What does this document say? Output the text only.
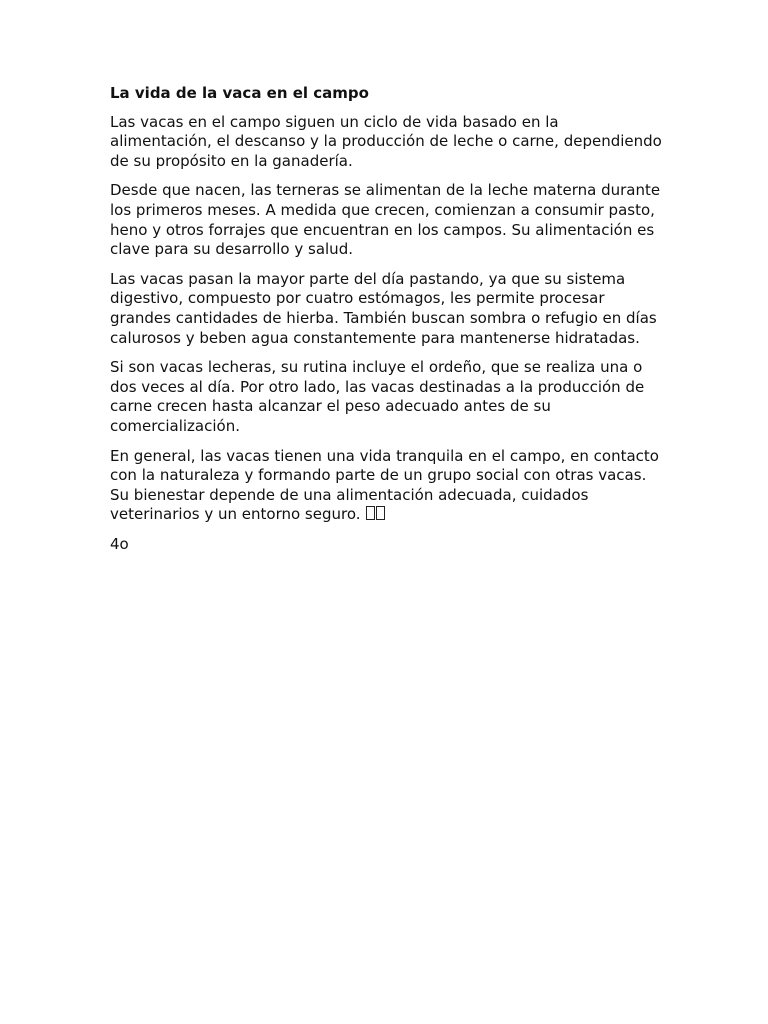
La vida de la vaca en el campo

Las vacas en el campo siguen un ciclo de vida basado en la alimentación, el descanso y la producción de leche o carne, dependiendo de su propósito en la ganadería.

Desde que nacen, las terneras se alimentan de la leche materna durante los primeros meses. A medida que crecen, comienzan a consumir pasto, heno y otros forrajes que encuentran en los campos. Su alimentación es clave para su desarrollo y salud.

Las vacas pasan la mayor parte del día pastando, ya que su sistema digestivo, compuesto por cuatro estómagos, les permite procesar grandes cantidades de hierba. También buscan sombra o refugio en días calurosos y beben agua constantemente para mantenerse hidratadas.

Si son vacas lecheras, su rutina incluye el ordeño, que se realiza una o dos veces al día. Por otro lado, las vacas destinadas a la producción de carne crecen hasta alcanzar el peso adecuado antes de su comercialización.

En general, las vacas tienen una vida tranquila en el campo, en contacto con la naturaleza y formando parte de un grupo social con otras vacas. Su bienestar depende de una alimentación adecuada, cuidados veterinarios y un entorno seguro.

4o
